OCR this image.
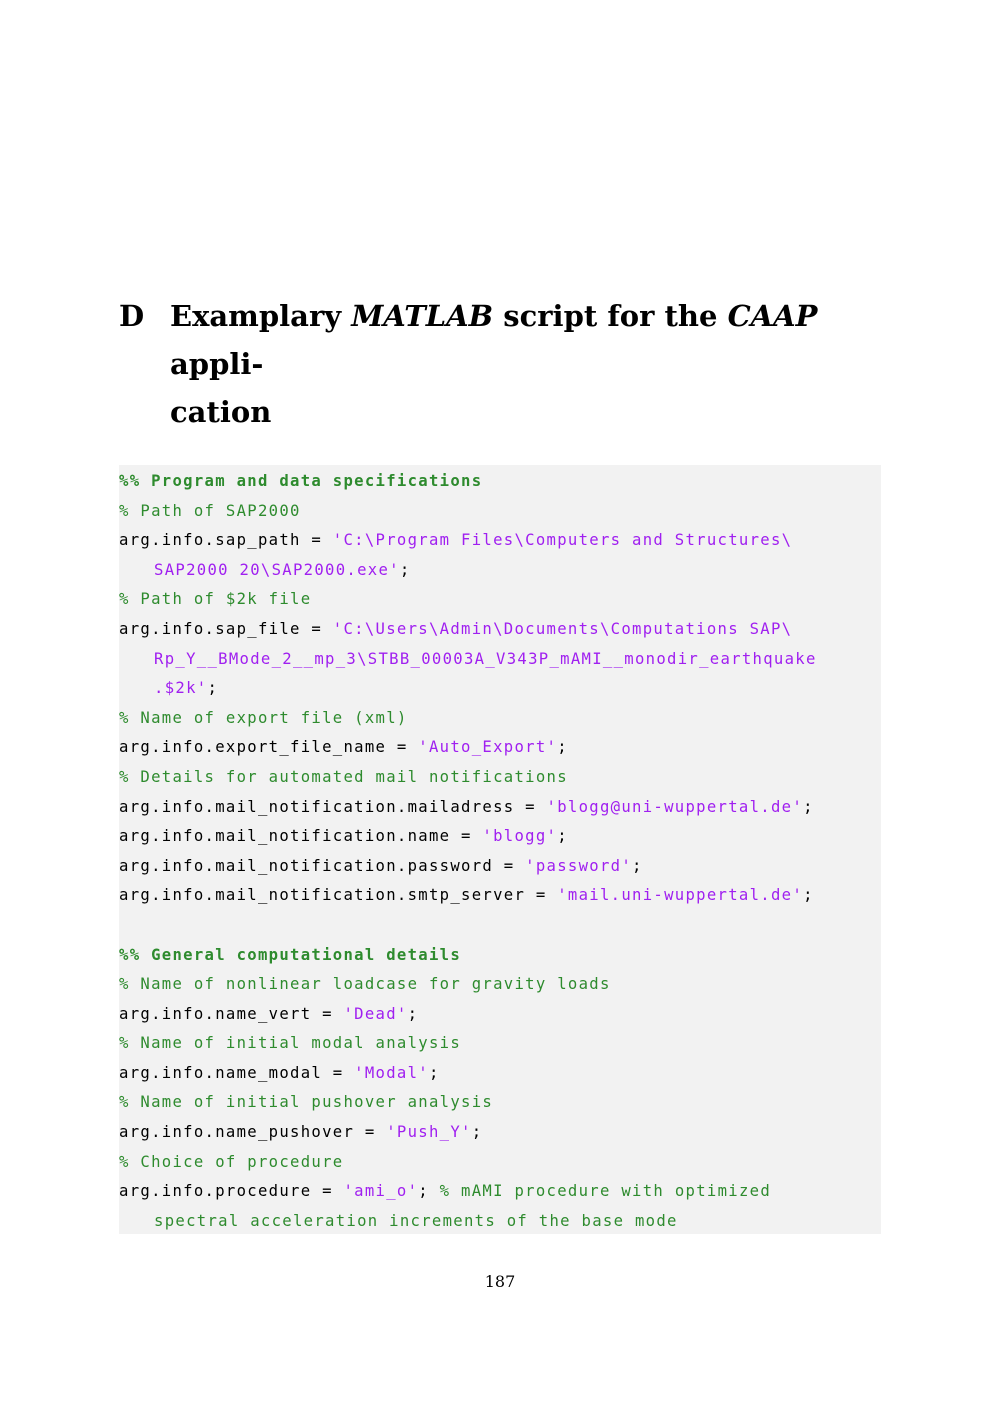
D Examplary MATLAB script for the CAAP appli-
cation
%% Program and data specifications
% Path of SAP2000
arg.info.sap_path = 'C:\Program Files\Computers and Structures\
SAP2000 20\SAP2000.exe';
% Path of $2k file
arg.info.sap_file = 'C:\Users\Admin\Documents\Computations SAP\
Rp_Y__BMode_2__mp_3\STBB_00003A_V343P_mAMI__monodir_earthquake
.$2k';
% Name of export file (xml)
arg.info.export_file_name = 'Auto_Export';
% Details for automated mail notifications
arg.info.mail_notification.mailadress = 'blogg@uni-wuppertal.de';
arg.info.mail_notification.name = 'blogg';
arg.info.mail_notification.password = 'password';
arg.info.mail_notification.smtp_server = 'mail.uni-wuppertal.de';

%% General computational details
% Name of nonlinear loadcase for gravity loads
arg.info.name_vert = 'Dead';
% Name of initial modal analysis
arg.info.name_modal = 'Modal';
% Name of initial pushover analysis
arg.info.name_pushover = 'Push_Y';
% Choice of procedure
arg.info.procedure = 'ami_o'; % mAMI procedure with optimized
spectral acceleration increments of the base mode
187
